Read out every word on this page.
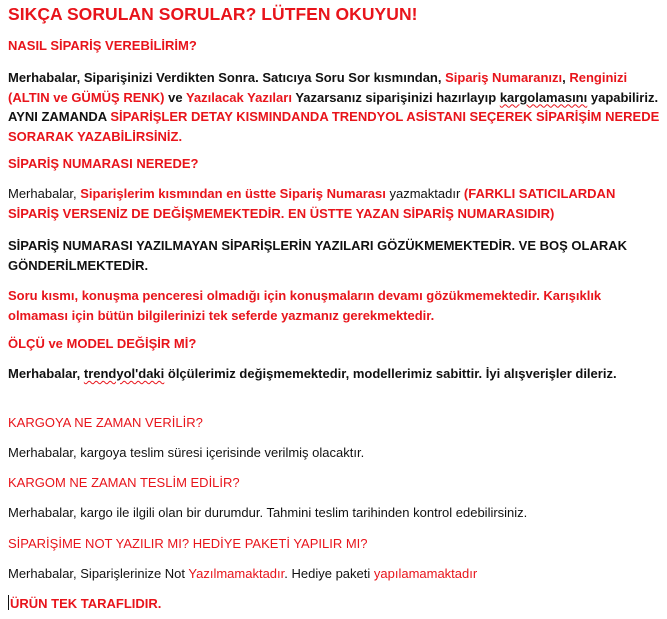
SIKÇA SORULAN SORULAR? LÜTFEN OKUYUN!
NASIL SİPARİŞ VEREBİLİRİM?
Merhabalar, Siparişinizi Verdikten Sonra. Satıcıya Soru Sor kısmından, Sipariş Numaranızı, Renginizi (ALTIN ve GÜMÜŞ RENK) ve Yazılacak Yazıları Yazarsanız siparişinizi hazırlayıp kargolamasını yapabiliriz. AYNI ZAMANDA SİPARİŞLER DETAY KISMINDANDA TRENDYOL ASİSTANI SEÇEREK SİPARİŞİM NEREDE SORARAK YAZABİLİRSİNİZ.
SİPARİŞ NUMARASI NEREDE?
Merhabalar, Siparişlerim kısmından en üstte Sipariş Numarası yazmaktadır (FARKLI SATICILARDAN SİPARİŞ VERSENİZ DE DEĞİŞMEMEKTEDİR. EN ÜSTTE YAZAN SİPARİŞ NUMARASIDIR)
SİPARİŞ NUMARASI YAZILMAYAN SİPARİŞLERİN YAZILARI GÖZÜKMEMEKTEDİR. VE BOŞ OLARAK GÖNDERİLMEKTEDİR.
Soru kısmı, konuşma penceresi olmadığı için konuşmaların devamı gözükmemektedir. Karışıklık olmaması için bütün bilgilerinizi tek seferde yazmanız gerekmektedir.
ÖLÇÜ ve MODEL DEĞİŞİR Mİ?
Merhabalar, trendyol'daki ölçülerimiz değişmemektedir, modellerimiz sabittir. İyi alışverişler dileriz.
KARGOYA NE ZAMAN VERİLİR?
Merhabalar, kargoya teslim süresi içerisinde verilmiş olacaktır.
KARGOM NE ZAMAN TESLİM EDİLİR?
Merhabalar, kargo ile ilgili olan bir durumdur. Tahmini teslim tarihinden kontrol edebilirsiniz.
SİPARİŞİME NOT YAZILIR MI? HEDİYE PAKETİ YAPILIR MI?
Merhabalar, Siparişlerinize Not Yazılmamaktadır. Hediye paketi yapılamamaktadır
ÜRÜN TEK TARAFLIDIR.
